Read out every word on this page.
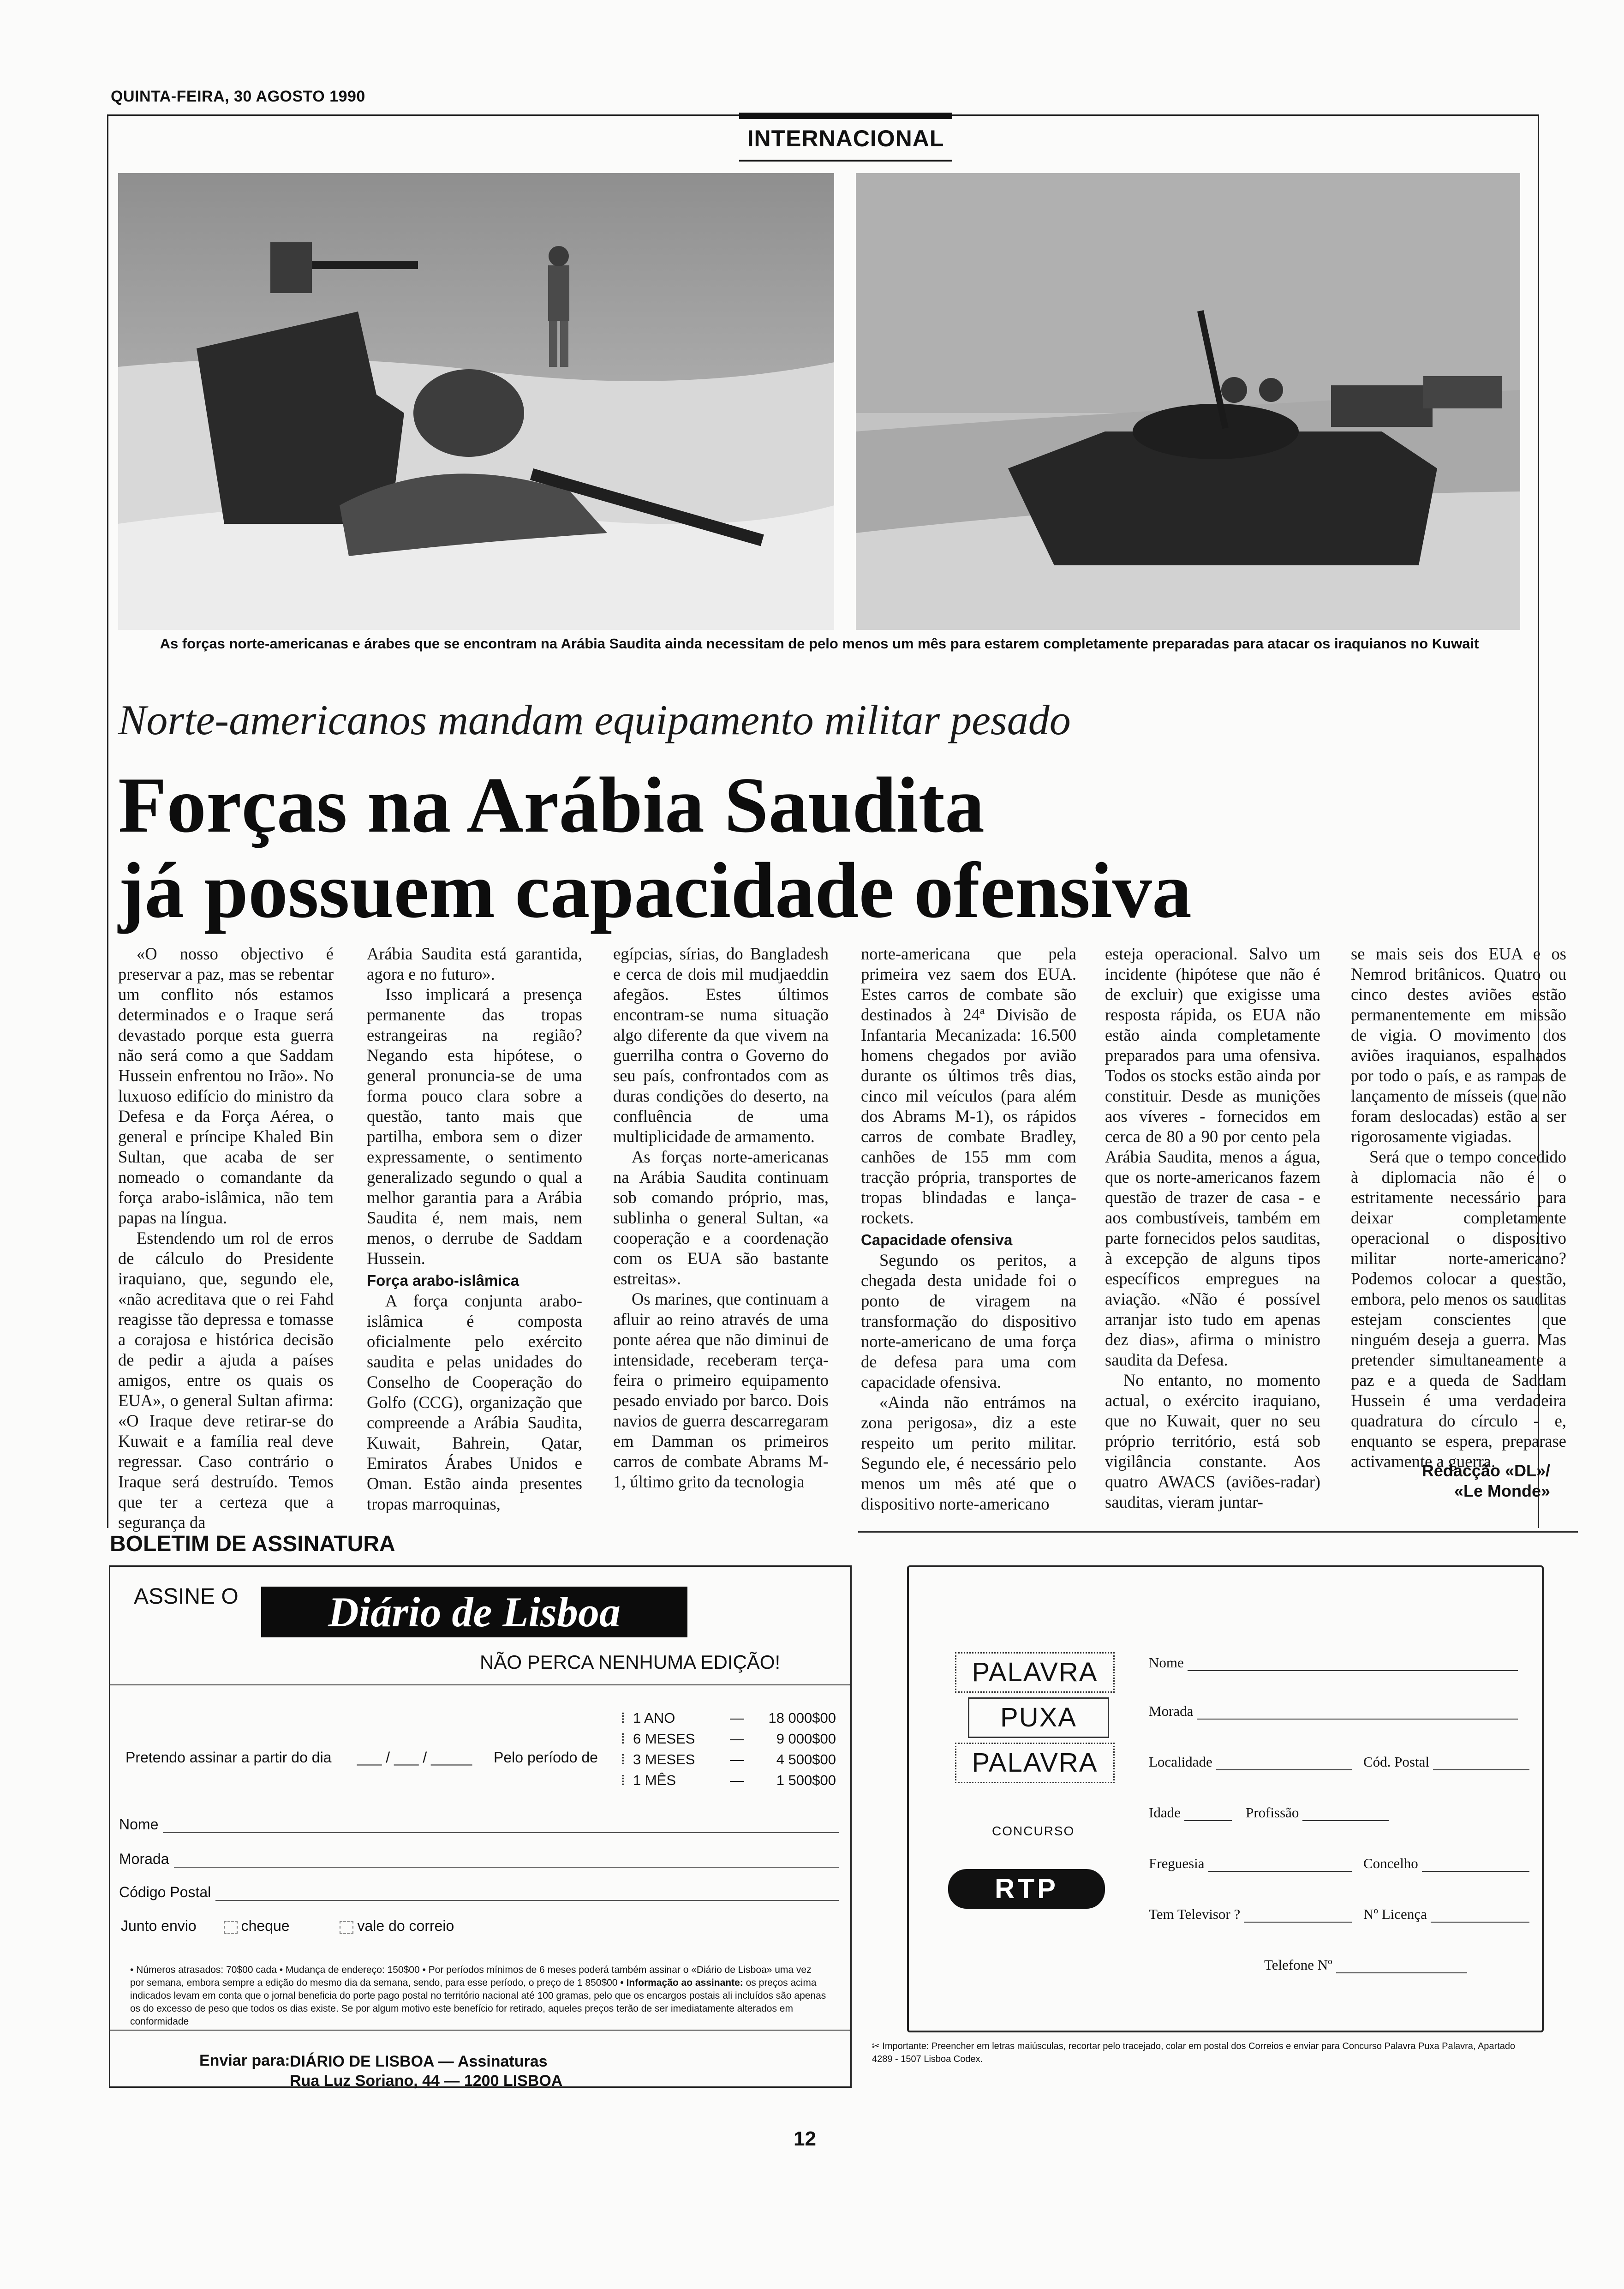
QUINTA-FEIRA, 30 AGOSTO 1990
INTERNACIONAL
As forças norte-americanas e árabes que se encontram na Arábia Saudita ainda necessitam de pelo menos um mês para estarem completamente preparadas para atacar os iraquianos no Kuwait
Norte-americanos mandam equipamento militar pesado
Forças na Arábia Saudita
já possuem capacidade ofensiva

«O nosso objectivo é preservar a paz, mas se rebentar um conflito nós estamos determinados e o Iraque será devastado porque esta guerra não será como a que Saddam Hussein enfrentou no Irão». No luxuoso edifício do ministro da Defesa e da Força Aérea, o general e príncipe Khaled Bin Sultan, que acaba de ser nomeado o comandante da força arabo-islâmica, não tem papas na língua.

Estendendo um rol de erros de cálculo do Presidente iraquiano, que, segundo ele, «não acreditava que o rei Fahd reagisse tão depressa e tomasse a corajosa e histórica decisão de pedir a ajuda a países amigos, entre os quais os EUA», o general Sultan afirma: «O Iraque deve retirar-se do Kuwait e a família real deve regressar. Caso contrário o Iraque será destruído. Temos que ter a certeza que a segurança da

Arábia Saudita está garantida, agora e no futuro».

Isso implicará a presença permanente das tropas estrangeiras na região? Negando esta hipótese, o general pronuncia-se de uma forma pouco clara sobre a questão, tanto mais que partilha, embora sem o dizer expressamente, o sentimento generalizado segundo o qual a melhor garantia para a Arábia Saudita é, nem mais, nem menos, o derrube de Saddam Hussein.

Força arabo-islâmica

A força conjunta arabo-islâmica é composta oficialmente pelo exército saudita e pelas unidades do Conselho de Cooperação do Golfo (CCG), organização que compreende a Arábia Saudita, Kuwait, Bahrein, Qatar, Emiratos Árabes Unidos e Oman. Estão ainda presentes tropas marroquinas,

egípcias, sírias, do Bangladesh e cerca de dois mil mudjaeddin afegãos. Estes últimos encontram-se numa situação algo diferente da que vivem na guerrilha contra o Governo do seu país, confrontados com as duras condições do deserto, na confluência de uma multiplicidade de armamento.

As forças norte-americanas na Arábia Saudita continuam sob comando próprio, mas, sublinha o general Sultan, «a cooperação e a coordenação com os EUA são bastante estreitas».

Os marines, que continuam a afluir ao reino através de uma ponte aérea que não diminui de intensidade, receberam terça-feira o primeiro equipamento pesado enviado por barco. Dois navios de guerra descarregaram em Damman os primeiros carros de combate Abrams M-1, último grito da tecnologia

norte-americana que pela primeira vez saem dos EUA. Estes carros de combate são destinados à 24ª Divisão de Infantaria Mecanizada: 16.500 homens chegados por avião durante os últimos três dias, cinco mil veículos (para além dos Abrams M-1), os rápidos carros de combate Bradley, canhões de 155 mm com tracção própria, transportes de tropas blindadas e lança-rockets.

Capacidade ofensiva

Segundo os peritos, a chegada desta unidade foi o ponto de viragem na transformação do dispositivo norte-americano de uma força de defesa para uma com capacidade ofensiva.

«Ainda não entrámos na zona perigosa», diz a este respeito um perito militar. Segundo ele, é necessário pelo menos um mês até que o dispositivo norte-americano

esteja operacional. Salvo um incidente (hipótese que não é de excluir) que exigisse uma resposta rápida, os EUA não estão ainda completamente preparados para uma ofensiva. Todos os stocks estão ainda por constituir. Desde as munições aos víveres - fornecidos em cerca de 80 a 90 por cento pela Arábia Saudita, menos a água, que os norte-americanos fazem questão de trazer de casa - e aos combustíveis, também em parte fornecidos pelos sauditas, à excepção de alguns tipos específicos empregues na aviação. «Não é possível arranjar isto tudo em apenas dez dias», afirma o ministro saudita da Defesa.

No entanto, no momento actual, o exército iraquiano, que no Kuwait, quer no seu próprio território, está sob vigilância constante. Aos quatro AWACS (aviões-radar) sauditas, vieram juntar-

se mais seis dos EUA e os Nemrod britânicos. Quatro ou cinco destes aviões estão permanentemente em missão de vigia. O movimento dos aviões iraquianos, espalhados por todo o país, e as rampas de lançamento de mísseis (que não foram deslocadas) estão a ser rigorosamente vigiadas.

Será que o tempo concedido à diplomacia não é o estritamente necessário para deixar completamente operacional o dispositivo militar norte-americano? Podemos colocar a questão, embora, pelo menos os sauditas estejam conscientes que ninguém deseja a guerra. Mas pretender simultaneamente a paz e a queda de Saddam Hussein é uma verdadeira quadratura do círculo - e, enquanto se espera, preparase activamente a guerra.

Redacção «DL»/
«Le Monde»
BOLETIM DE ASSINATURA
ASSINE O	Diário de Lisboa
NÃO PERCA NENHUMA EDIÇÃO!
Pretendo assinar a partir do dia ___ / ___ / _____ Pelo período de
⁞ 1 ANO	— 18 000$00
⁞ 6 MESES — 9 000$00
⁞ 3 MESES — 4 500$00
⁞ 1 MÊS	— 1 500$00
Nome
Morada
Código Postal
Junto envio	cheque	vale do correio
• Números atrasados: 70$00 cada • Mudança de endereço: 150$00 • Por períodos mínimos de 6 meses poderá também assinar o «Diário de Lisboa» uma vez por semana, embora sempre a edição do mesmo dia da semana, sendo, para esse período, o preço de 1 850$00 • Informação ao assinante: os preços acima indicados levam em conta que o jornal beneficia do porte pago postal no território nacional até 100 gramas, pelo que os encargos postais ali incluídos são apenas os do excesso de peso que todos os dias existe. Se por algum motivo este benefício for retirado, aqueles preços terão de ser imediatamente alterados em conformidade
Enviar para: DIÁRIO DE LISBOA — Assinaturas
Rua Luz Soriano, 44 — 1200 LISBOA
PALAVRA
PUXA
PALAVRA
CONCURSO
RTP
Nome
Morada
Localidade	Cód. Postal
Idade	Profissão
Freguesia	Concelho
Tem Televisor ?	Nº Licença
Telefone Nº
✂ Importante: Preencher em letras maiúsculas, recortar pelo tracejado, colar em postal dos Correios e enviar para Concurso Palavra Puxa Palavra, Apartado 4289 - 1507 Lisboa Codex.
12
